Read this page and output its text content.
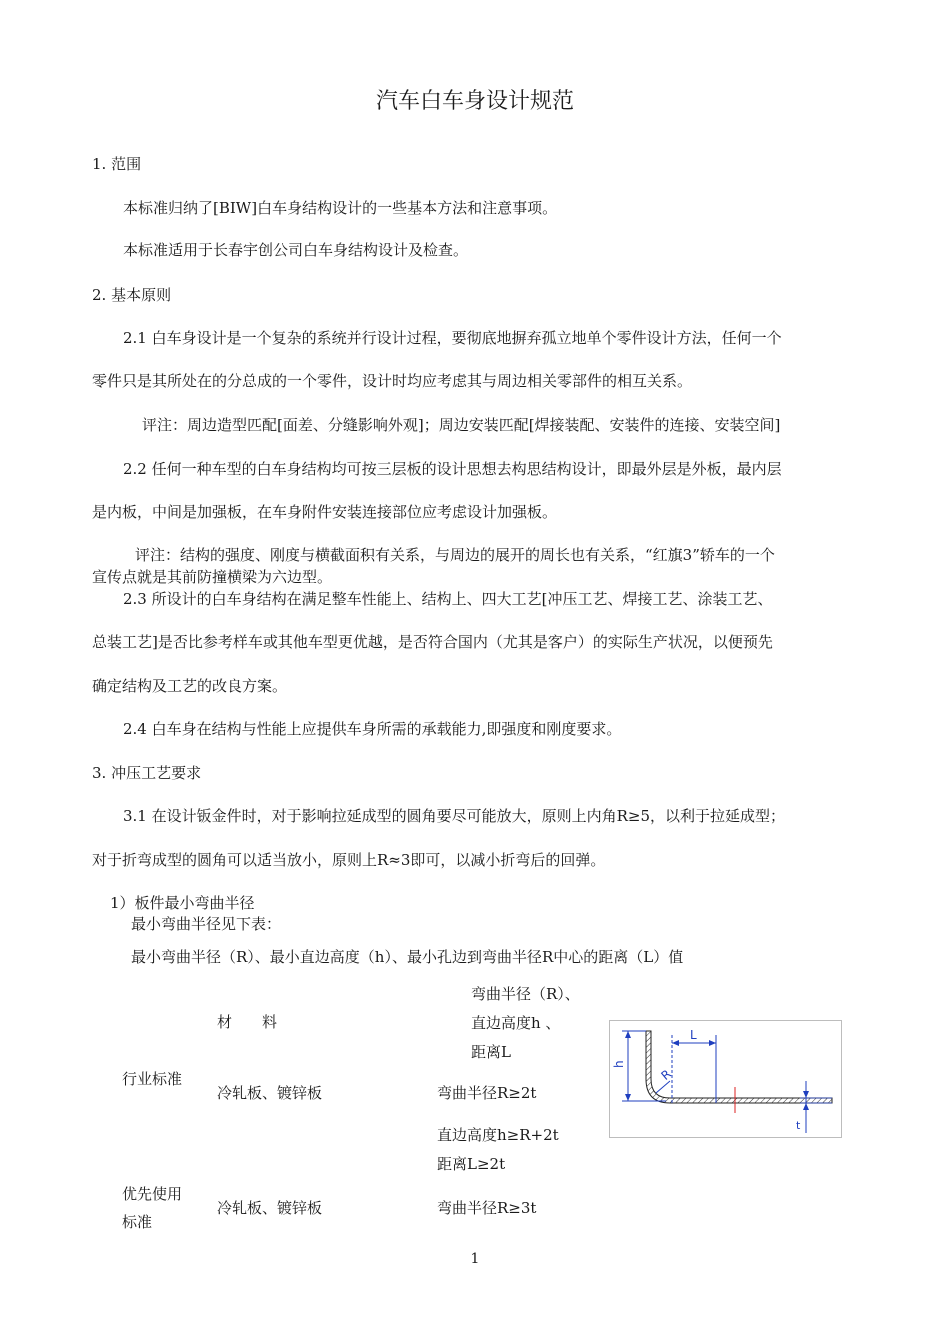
汽车白车身设计规范
1. 范围
本标准归纳了[BIW]白车身结构设计的一些基本方法和注意事项。
本标准适用于长春宇创公司白车身结构设计及检查。
2. 基本原则
2.1 白车身设计是一个复杂的系统并行设计过程，要彻底地摒弃孤立地单个零件设计方法，任何一个
零件只是其所处在的分总成的一个零件，设计时均应考虑其与周边相关零部件的相互关系。
评注：周边造型匹配[面差、分缝影响外观]；周边安装匹配[焊接装配、安装件的连接、安装空间]
2.2 任何一种车型的白车身结构均可按三层板的设计思想去构思结构设计，即最外层是外板，最内层
是内板，中间是加强板，在车身附件安装连接部位应考虑设计加强板。
评注：结构的强度、刚度与横截面积有关系，与周边的展开的周长也有关系，“红旗3”轿车的一个
宣传点就是其前防撞横梁为六边型。
2.3 所设计的白车身结构在满足整车性能上、结构上、四大工艺[冲压工艺、焊接工艺、涂装工艺、
总装工艺]是否比参考样车或其他车型更优越，是否符合国内（尤其是客户）的实际生产状况，以便预先
确定结构及工艺的改良方案。
2.4 白车身在结构与性能上应提供车身所需的承载能力,即强度和刚度要求。
3. 冲压工艺要求
3.1 在设计钣金件时，对于影响拉延成型的圆角要尽可能放大，原则上内角R≥5，以利于拉延成型；
对于折弯成型的圆角可以适当放小，原则上R≈3即可，以减小折弯后的回弹。
1）板件最小弯曲半径
最小弯曲半径见下表：
最小弯曲半径（R）、最小直边高度（h）、最小孔边到弯曲半径R中心的距离（L）值
材　　料
弯曲半径（R）、
直边高度h 、
距离L
行业标准
冷轧板、镀锌板	弯曲半径R≥2t
直边高度h≥R+2t
距离L≥2t
优先使用
标准
冷轧板、镀锌板	弯曲半径R≥3t
h
L
R
t
1
